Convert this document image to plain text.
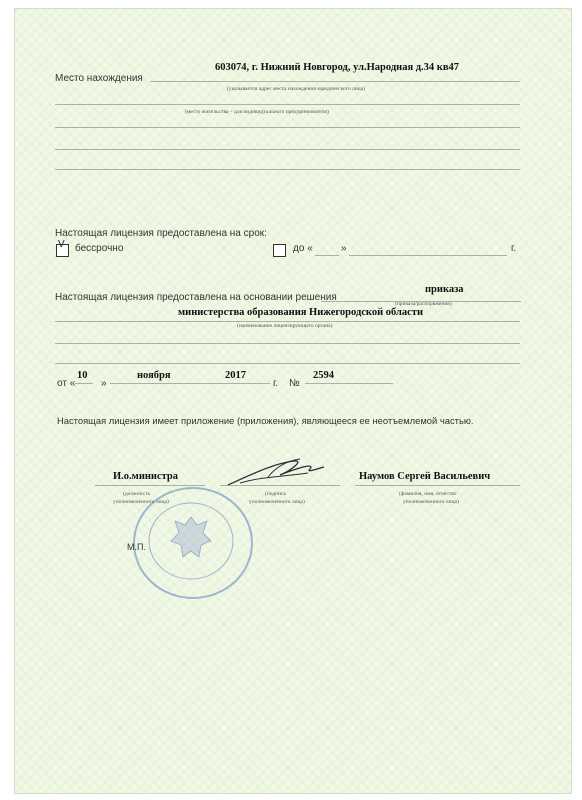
Место нахождения
603074, г. Нижний Новгород, ул.Народная д.34 кв47
(указывается адрес места нахождения юридического лица)
(место жительства – для индивидуального предпринимателя)
Настоящая лицензия предоставлена на срок:
V бессрочно	до «	»	г.
Настоящая лицензия предоставлена на основании решения
приказа
(приказа/распоряжения)
министерства образования Нижегородской области
(наименование лицензирующего органа)
от «
10
»
ноября	2017
г. №
2594
Настоящая лицензия имеет приложение (приложения), являющееся ее неотъемлемой частью.
И.о.министра
(должность
уполномоченного лица)
(подпись
уполномоченного лица)
Наумов Сергей Васильевич
(фамилия, имя, отчество
уполномоченного лица)
М.П.
